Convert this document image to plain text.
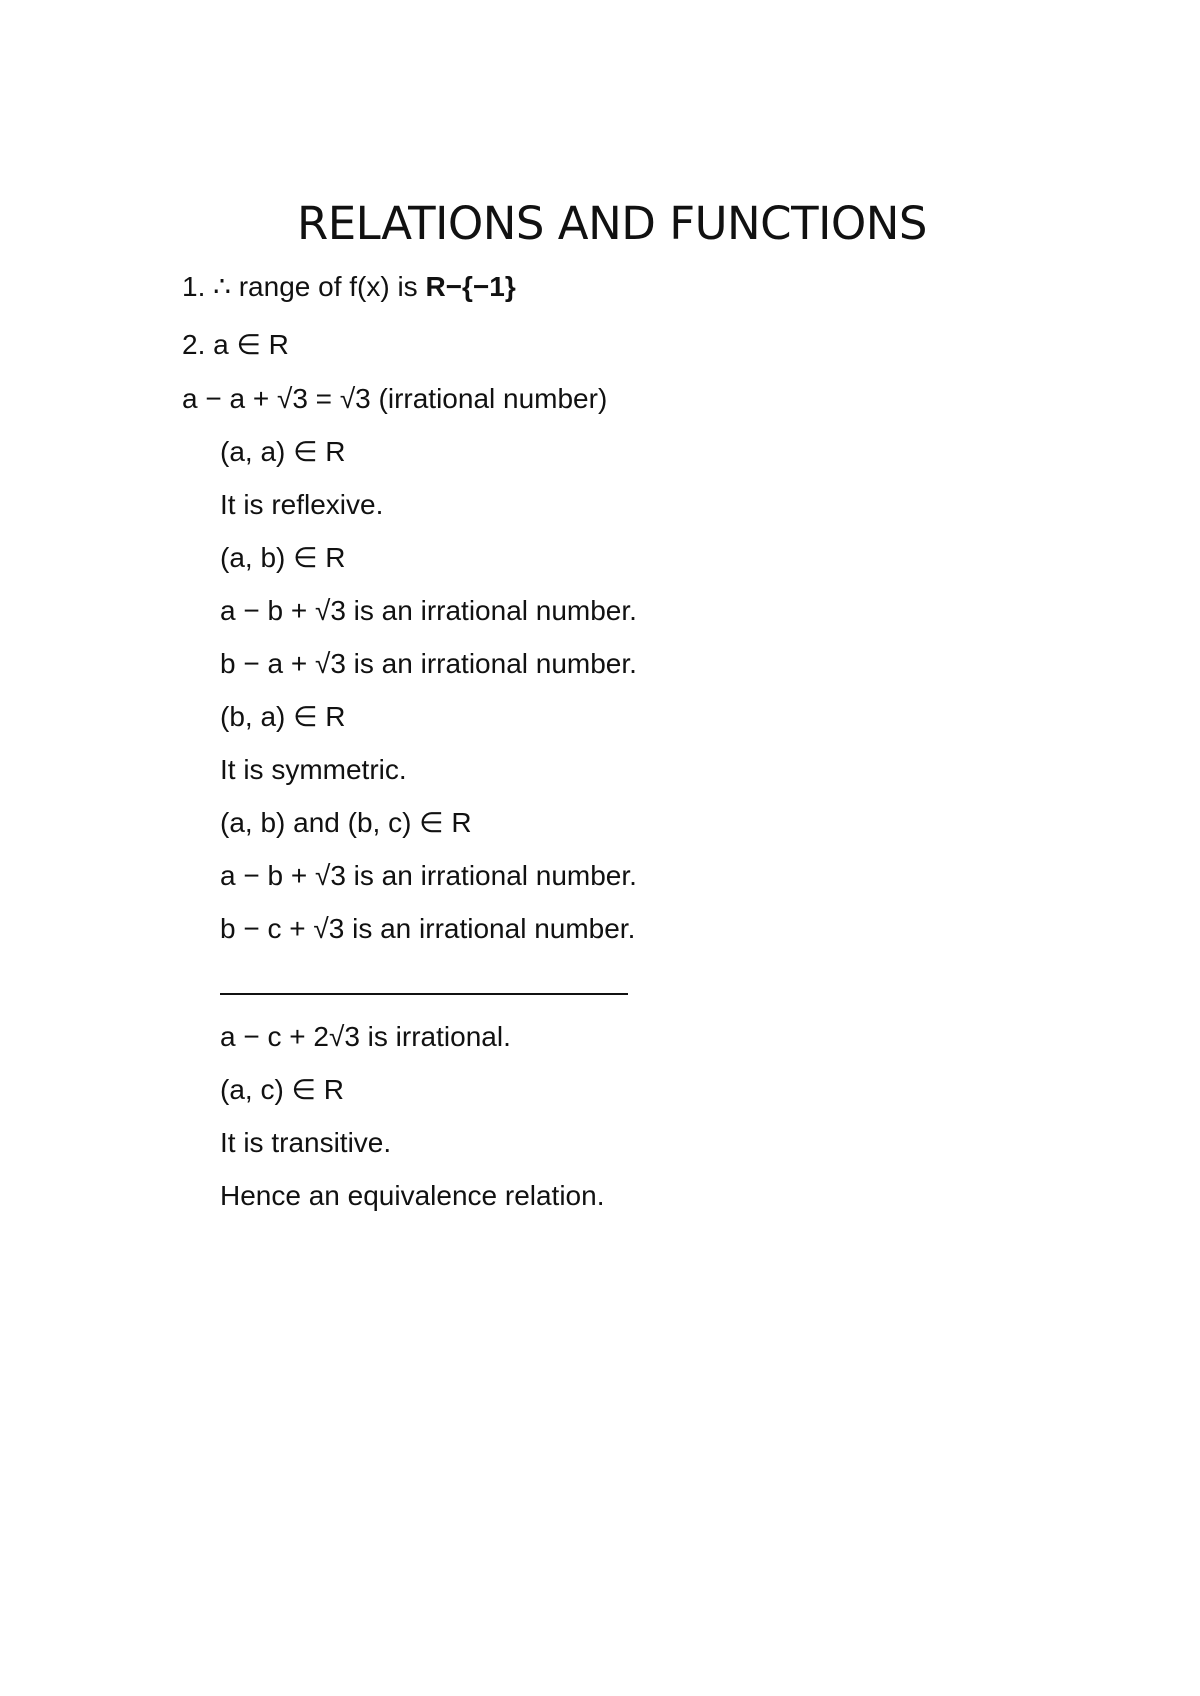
RELATIONS AND FUNCTIONS
1. ∴ range of f(x) is R−{−1}
2. a ∈ R
a − a + √3 = √3 (irrational number)
(a, a) ∈ R
It is reflexive.
(a, b) ∈ R
a − b + √3 is an irrational number.
b − a + √3 is an irrational number.
(b, a) ∈ R
It is symmetric.
(a, b) and (b, c) ∈ R
a − b + √3 is an irrational number.
b − c + √3 is an irrational number.
a − c + 2√3 is irrational.
(a, c) ∈ R
It is transitive.
Hence an equivalence relation.
